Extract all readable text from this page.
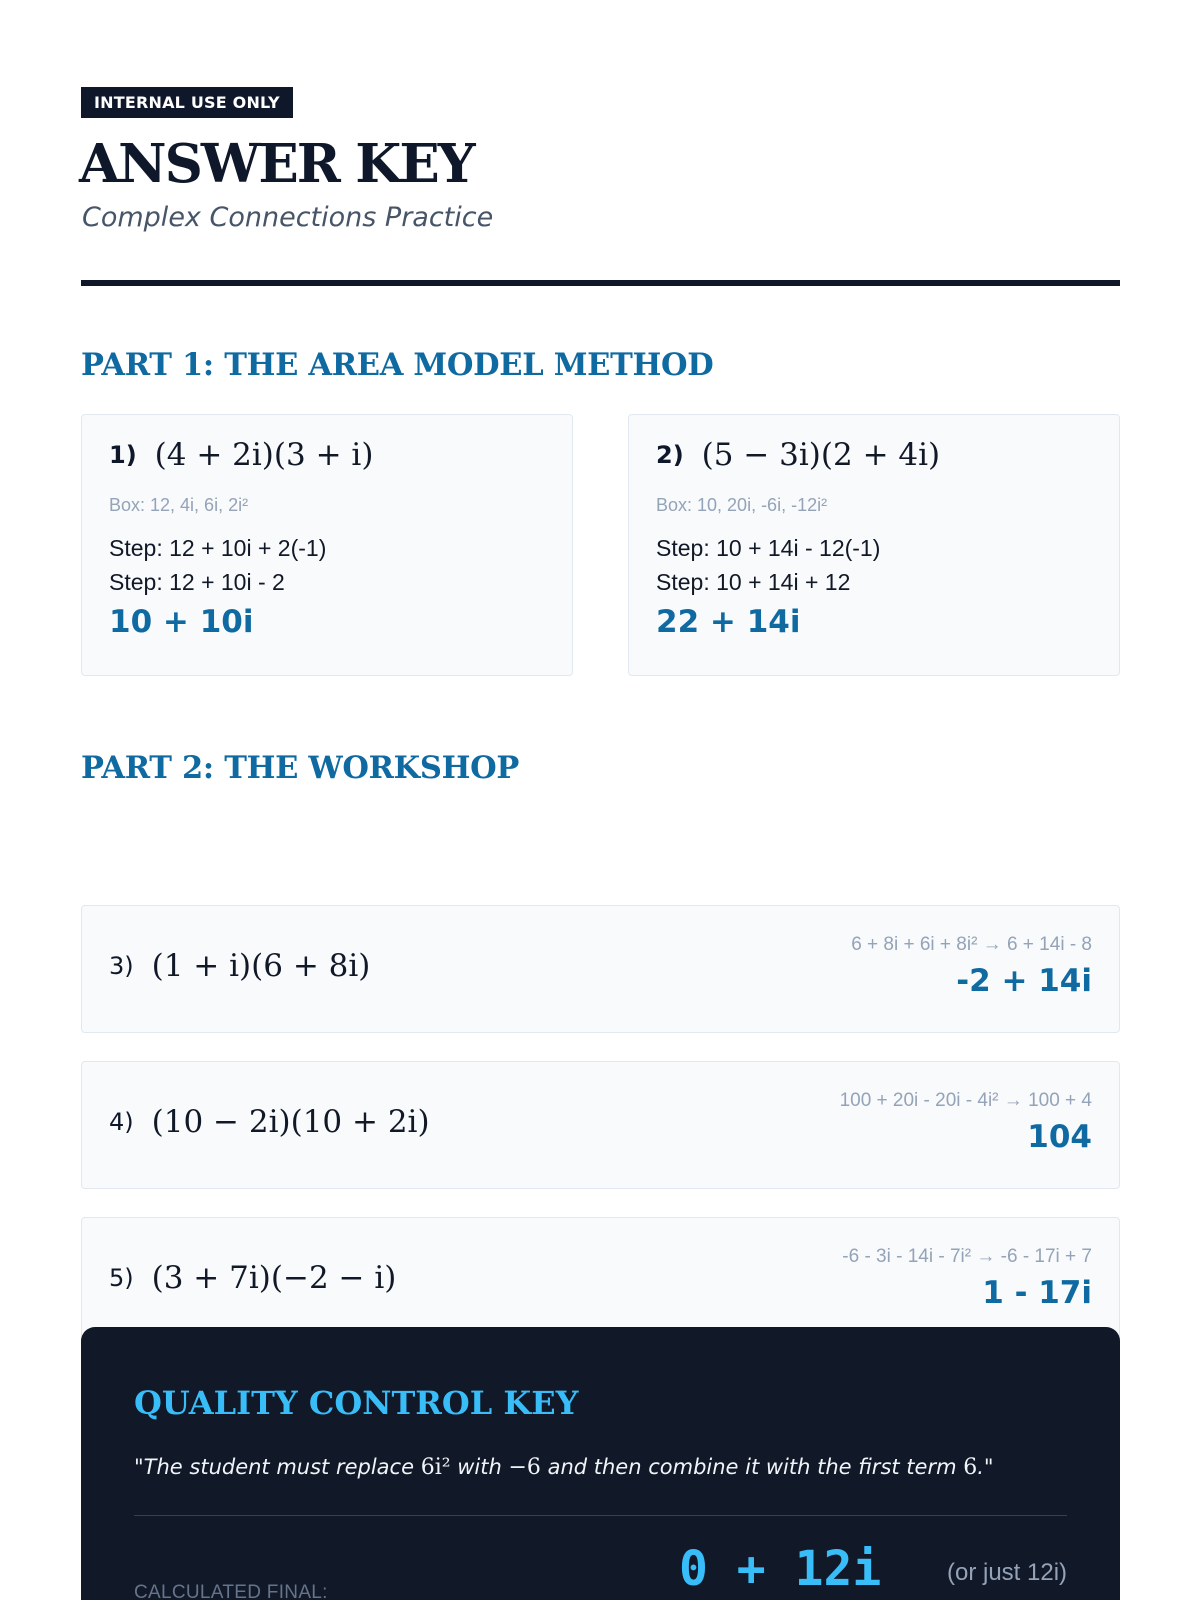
INTERNAL USE ONLY
ANSWER KEY
Complex Connections Practice
PART 1: THE AREA MODEL METHOD
1) (4 + 2i)(3 + i)
Box: 12, 4i, 6i, 2i²
Step: 12 + 10i + 2(-1)
Step: 12 + 10i - 2
10 + 10i
2) (5 − 3i)(2 + 4i)
Box: 10, 20i, -6i, -12i²
Step: 10 + 14i - 12(-1)
Step: 10 + 14i + 12
22 + 14i
PART 2: THE WORKSHOP
3) (1 + i)(6 + 8i)
6 + 8i + 6i + 8i² → 6 + 14i - 8
-2 + 14i
4) (10 − 2i)(10 + 2i)
100 + 20i - 20i - 4i² → 100 + 4
104
5) (3 + 7i)(−2 − i)
-6 - 3i - 14i - 7i² → -6 - 17i + 7
1 - 17i
QUALITY CONTROL KEY
"The student must replace 6i² with −6 and then combine it with the first term 6."
CALCULATED FINAL:	0 + 12i	(or just 12i)
